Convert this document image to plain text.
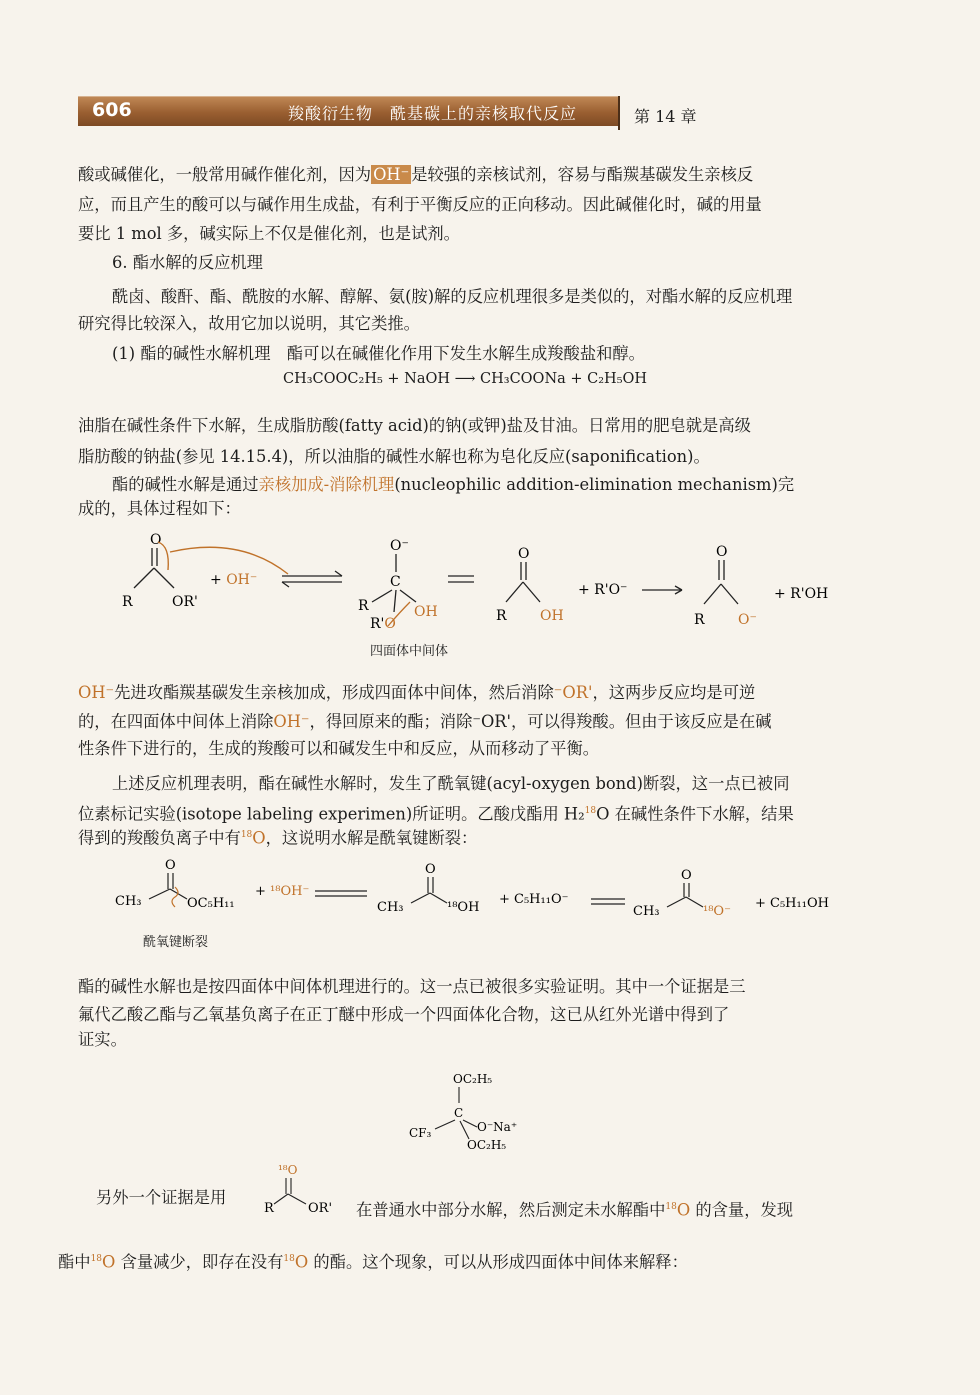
606	羧酸衍生物　酰基碳上的亲核取代反应	第 14 章
酸或碱催化，一般常用碱作催化剂，因为 OH⁻ 是较强的亲核试剂，容易与酯羰基碳发生亲核反
应，而且产生的酸可以与碱作用生成盐，有利于平衡反应的正向移动。因此碱催化时，碱的用量
要比 1 mol 多，碱实际上不仅是催化剂，也是试剂。
6. 酯水解的反应机理
酰卤、酸酐、酯、酰胺的水解、醇解、氨(胺)解的反应机理很多是类似的，对酯水解的反应机理
研究得比较深入，故用它加以说明，其它类推。
(1) 酯的碱性水解机理　酯可以在碱催化作用下发生水解生成羧酸盐和醇。
CH₃COOC₂H₅ + NaOH ⟶ CH₃COONa + C₂H₅OH
油脂在碱性条件下水解，生成脂肪酸(fatty acid)的钠(或钾)盐及甘油。日常用的肥皂就是高级
脂肪酸的钠盐(参见 14.15.4)，所以油脂的碱性水解也称为皂化反应(saponification)。
酯的碱性水解是通过亲核加成-消除机理(nucleophilic addition-elimination mechanism)完
成的，具体过程如下：
O
R	OR'
+ OH⁻
O⁻
C
R	OH
R'O
O
R OH
+ R'O⁻
O
R O⁻
+ R'OH
四面体中间体
OH⁻先进攻酯羰基碳发生亲核加成，形成四面体中间体，然后消除⁻OR'，这两步反应均是可逆
的，在四面体中间体上消除OH⁻，得回原来的酯；消除⁻OR'，可以得羧酸。但由于该反应是在碱
性条件下进行的，生成的羧酸可以和碱发生中和反应，从而移动了平衡。
上述反应机理表明，酯在碱性水解时，发生了酰氧键(acyl-oxygen bond)断裂，这一点已被同
位素标记实验(isotope labeling experimen)所证明。乙酸戊酯用 H₂$^{18}$O 在碱性条件下水解，结果
得到的羧酸负离子中有$^{18}$O，这说明水解是酰氧键断裂：
O
CH₃	OC₅H₁₁
+ ¹⁸OH⁻
O
CH₃	¹⁸OH
+ C₅H₁₁O⁻
O
CH₃	¹⁸O⁻
+ C₅H₁₁OH
酰氧键断裂
酯的碱性水解也是按四面体中间体机理进行的。这一点已被很多实验证明。其中一个证据是三
氟代乙酸乙酯与乙氧基负离子在正丁醚中形成一个四面体化合物，这已从红外光谱中得到了
证实。
OC₂H₅
C
CF₃	O⁻Na⁺
OC₂H₅
另外一个证据是用
¹⁸O
R	OR' 在普通水中部分水解，然后测定未水解酯中$^{18}$O 的含量，发现
酯中$^{18}$O 含量减少，即存在没有$^{18}$O 的酯。这个现象，可以从形成四面体中间体来解释：
